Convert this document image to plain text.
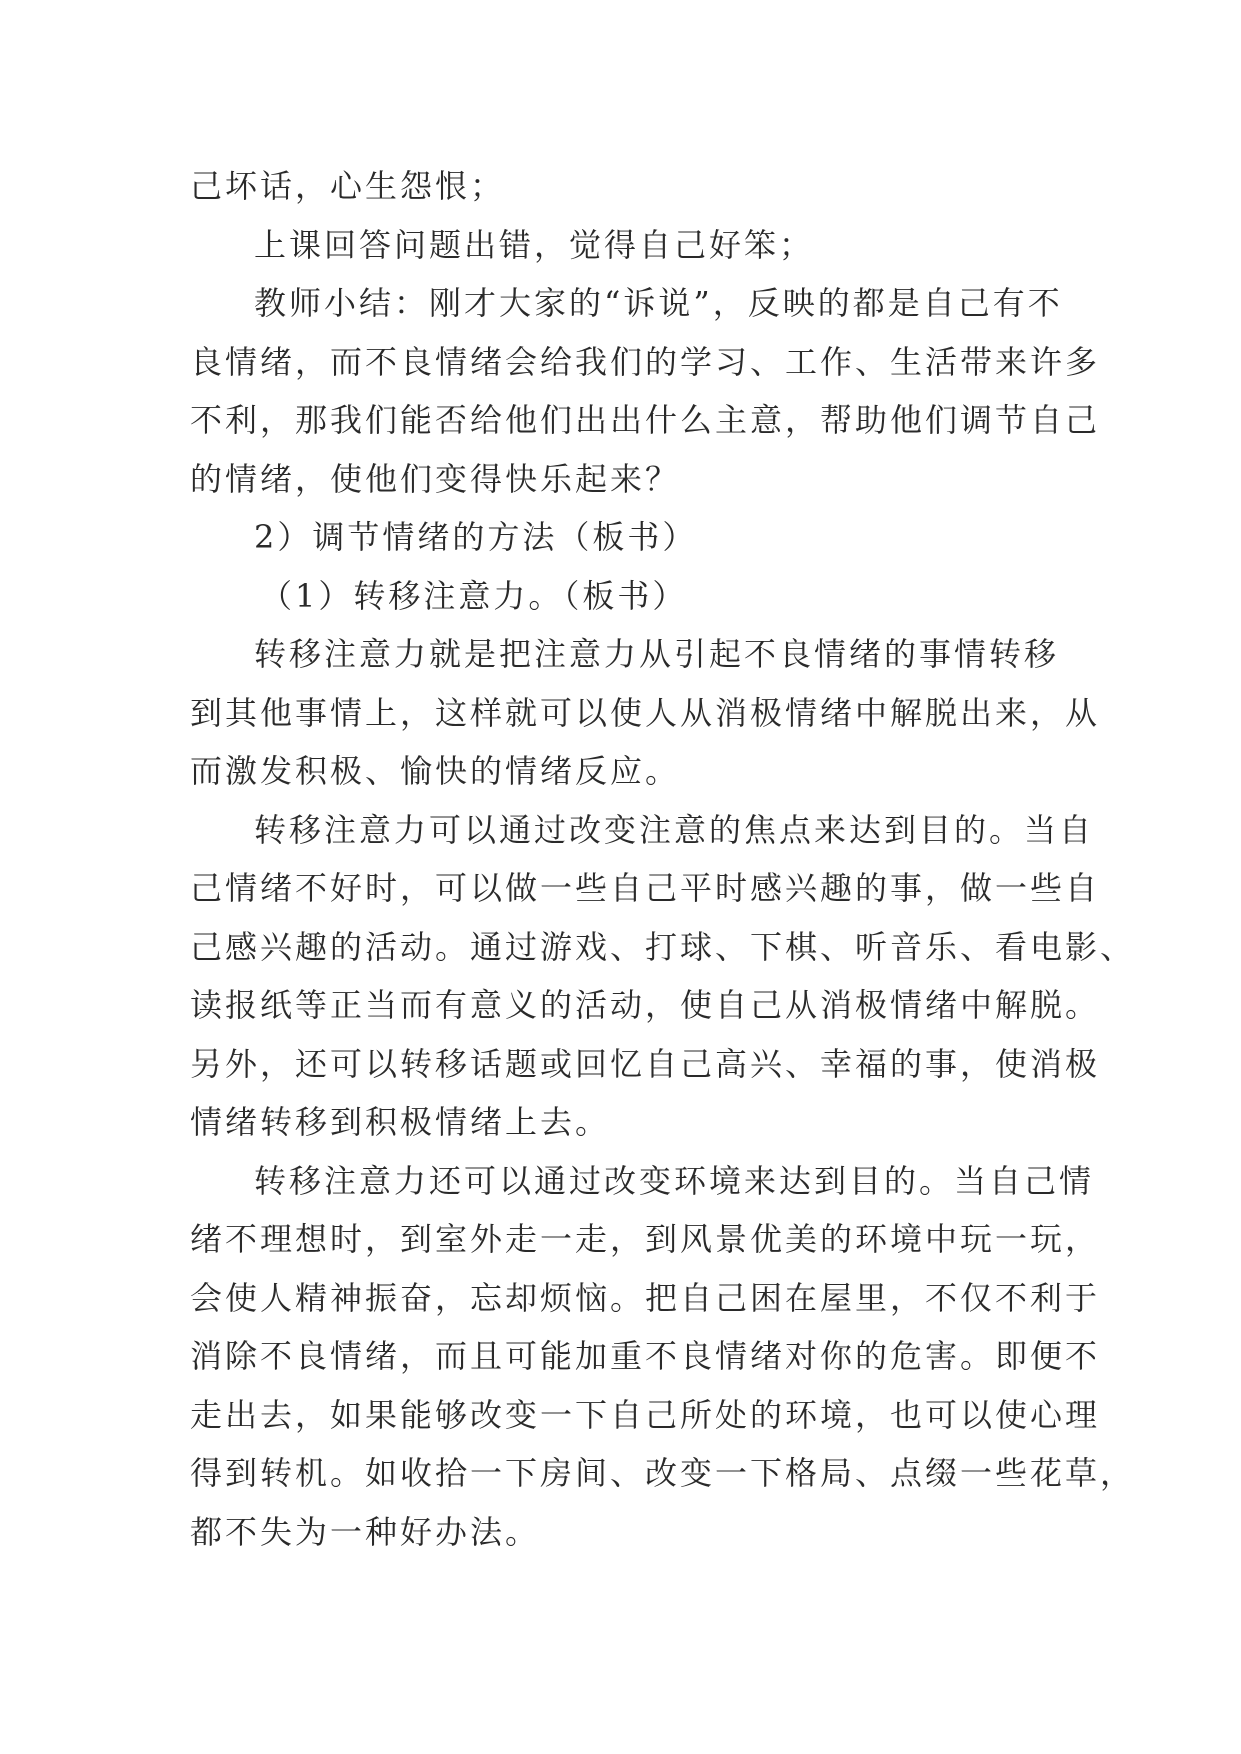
己坏话，心生怨恨；
上课回答问题出错，觉得自己好笨；
教师小结：刚才大家的“诉说”，反映的都是自己有不
良情绪，而不良情绪会给我们的学习、工作、生活带来许多
不利，那我们能否给他们出出什么主意，帮助他们调节自己
的情绪，使他们变得快乐起来？
2）调节情绪的方法（板书）
（1）转移注意力。（板书）
转移注意力就是把注意力从引起不良情绪的事情转移
到其他事情上，这样就可以使人从消极情绪中解脱出来，从
而激发积极、愉快的情绪反应。
转移注意力可以通过改变注意的焦点来达到目的。当自
己情绪不好时，可以做一些自己平时感兴趣的事，做一些自
己感兴趣的活动。通过游戏、打球、下棋、听音乐、看电影、
读报纸等正当而有意义的活动，使自己从消极情绪中解脱。
另外，还可以转移话题或回忆自己高兴、幸福的事，使消极
情绪转移到积极情绪上去。
转移注意力还可以通过改变环境来达到目的。当自己情
绪不理想时，到室外走一走，到风景优美的环境中玩一玩，
会使人精神振奋，忘却烦恼。把自己困在屋里，不仅不利于
消除不良情绪，而且可能加重不良情绪对你的危害。即便不
走出去，如果能够改变一下自己所处的环境，也可以使心理
得到转机。如收拾一下房间、改变一下格局、点缀一些花草，
都不失为一种好办法。
